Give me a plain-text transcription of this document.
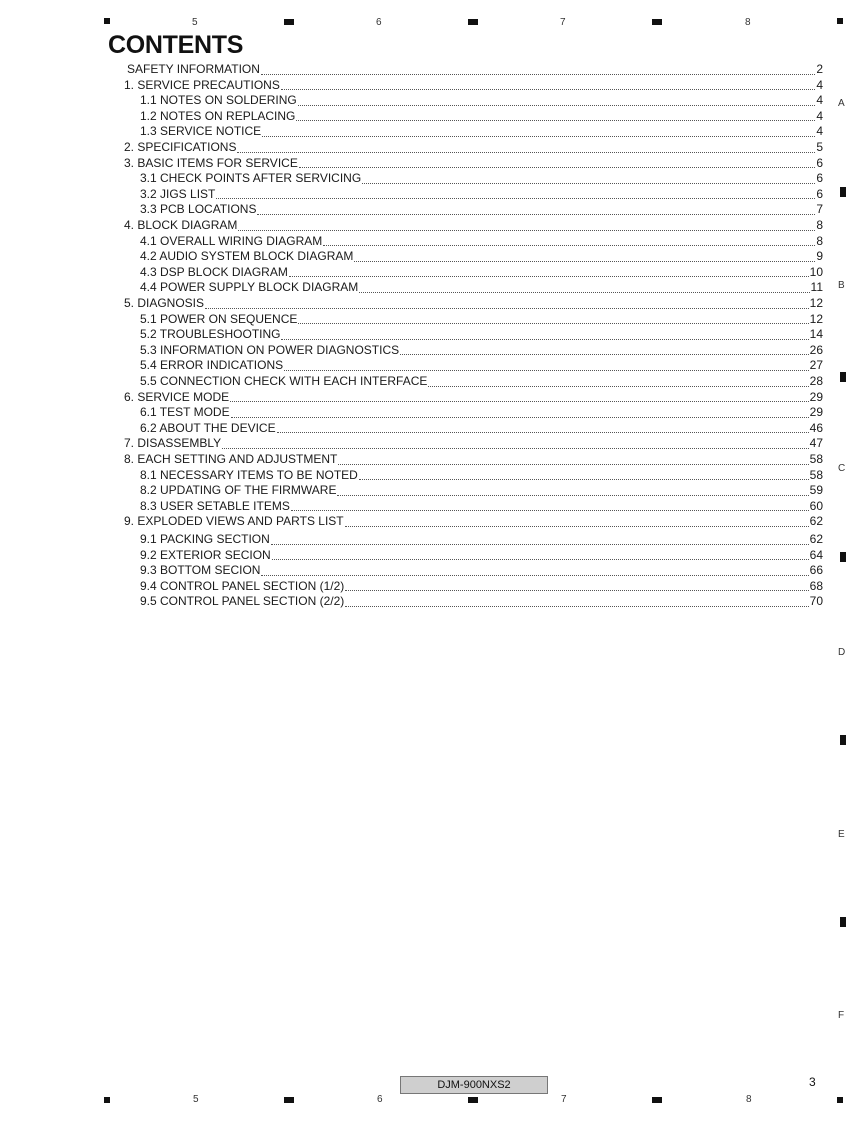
5	6	7	8
A
B
C
D
E
F
CONTENTS
SAFETY INFORMATION	2
1. SERVICE PRECAUTIONS	4
1.1 NOTES ON SOLDERING	4
1.2 NOTES ON REPLACING	4
1.3 SERVICE NOTICE	4
2. SPECIFICATIONS	5
3. BASIC ITEMS FOR SERVICE	6
3.1 CHECK POINTS AFTER SERVICING	6
3.2 JIGS LIST	6
3.3 PCB LOCATIONS	7
4. BLOCK DIAGRAM	8
4.1 OVERALL WIRING DIAGRAM	8
4.2 AUDIO SYSTEM BLOCK DIAGRAM	9
4.3 DSP BLOCK DIAGRAM	10
4.4 POWER SUPPLY BLOCK DIAGRAM	11
5. DIAGNOSIS	12
5.1 POWER ON SEQUENCE	12
5.2 TROUBLESHOOTING	14
5.3 INFORMATION ON POWER DIAGNOSTICS	26
5.4 ERROR INDICATIONS	27
5.5 CONNECTION CHECK WITH EACH INTERFACE	28
6. SERVICE MODE	29
6.1 TEST MODE	29
6.2 ABOUT THE DEVICE	46
7. DISASSEMBLY	47
8. EACH SETTING AND ADJUSTMENT	58
8.1 NECESSARY ITEMS TO BE NOTED	58
8.2 UPDATING OF THE FIRMWARE	59
8.3 USER SETABLE ITEMS	60
9. EXPLODED VIEWS AND PARTS LIST	62
9.1 PACKING SECTION	62
9.2 EXTERIOR SECION	64
9.3 BOTTOM SECION	66
9.4 CONTROL PANEL SECTION (1/2)	68
9.5 CONTROL PANEL SECTION (2/2)	70
DJM-900NXS2	3
5	6	7	8
